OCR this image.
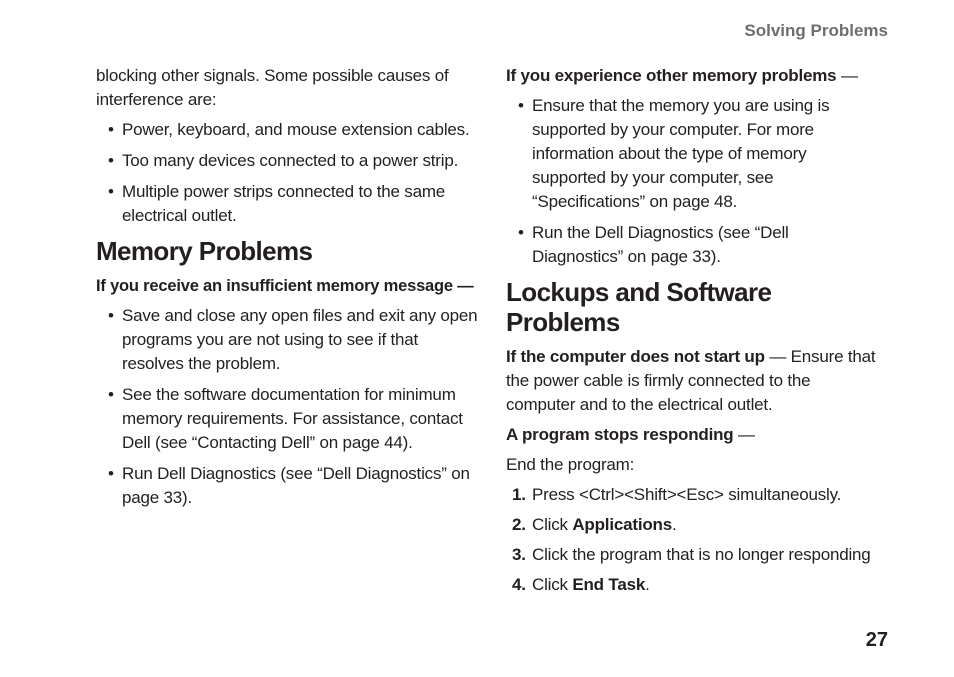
Solving Problems

blocking other signals. Some possible causes of interference are:

• Power, keyboard, and mouse extension cables.
• Too many devices connected to a power strip.
• Multiple power strips connected to the same electrical outlet.
Memory Problems

If you receive an insufficient memory message —

• Save and close any open files and exit any open programs you are not using to see if that resolves the problem.
• See the software documentation for minimum memory requirements. For assistance, contact Dell (see “Contacting Dell” on page 44).
• Run Dell Diagnostics (see “Dell Diagnostics” on page 33).

If you experience other memory problems —

• Ensure that the memory you are using is supported by your computer. For more information about the type of memory supported by your computer, see “Specifications” on page 48.
• Run the Dell Diagnostics (see “Dell Diagnostics” on page 33).
Lockups and Software Problems

If the computer does not start up — Ensure that the power cable is firmly connected to the computer and to the electrical outlet.

A program stops responding —

End the program:

1. Press <Ctrl><Shift><Esc> simultaneously.
2. Click Applications.
3. Click the program that is no longer responding
4. Click End Task.
27
